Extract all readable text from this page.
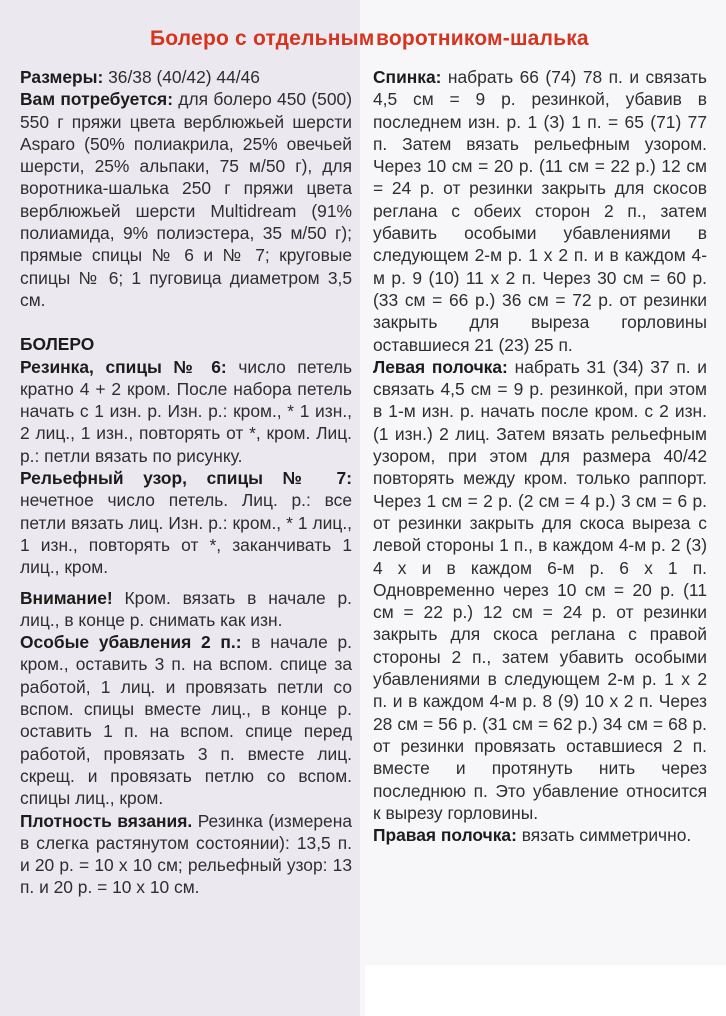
Болеро с отдельным воротником-шалька

Размеры: 36/38 (40/42) 44/46

Вам потребуется: для болеро 450 (500) 550 г пряжи цвета верблюжьей шерсти Asparo (50% полиакрила, 25% овечьей шерсти, 25% альпаки, 75 м/50 г), для воротника-шалька 250 г пряжи цвета верблюжьей шерсти Multidream (91% полиамида, 9% полиэстера, 35 м/50 г); прямые спицы № 6 и № 7; круговые спицы № 6; 1 пуговица диаметром 3,5 см.

БОЛЕРО

Резинка, спицы № 6: число петель кратно 4 + 2 кром. После набора петель начать с 1 изн. р. Изн. р.: кром., * 1 изн., 2 лиц., 1 изн., повторять от *, кром. Лиц. р.: петли вязать по рисунку.

Рельефный узор, спицы № 7: нечетное число петель. Лиц. р.: все петли вязать лиц. Изн. р.: кром., * 1 лиц., 1 изн., повторять от *, заканчивать 1 лиц., кром.

Внимание! Кром. вязать в начале р. лиц., в конце р. снимать как изн.

Особые убавления 2 п.: в начале р. кром., оставить 3 п. на вспом. спице за работой, 1 лиц. и провязать петли со вспом. спицы вместе лиц., в конце р. оставить 1 п. на вспом. спице перед работой, провязать 3 п. вместе лиц. скрещ. и провязать петлю со вспом. спицы лиц., кром.

Плотность вязания. Резинка (измерена в слегка растянутом состоянии): 13,5 п. и 20 р. = 10 х 10 см; рельефный узор: 13 п. и 20 р. = 10 х 10 см.

Спинка: набрать 66 (74) 78 п. и связать 4,5 см = 9 р. резинкой, убавив в последнем изн. р. 1 (3) 1 п. = 65 (71) 77 п. Затем вязать рельефным узором. Через 10 см = 20 р. (11 см = 22 р.) 12 см = 24 р. от резинки закрыть для скосов реглана с обеих сторон 2 п., затем убавить особыми убавлениями в следующем 2-м р. 1 х 2 п. и в каждом 4-м р. 9 (10) 11 х 2 п. Через 30 см = 60 р. (33 см = 66 р.) 36 см = 72 р. от резинки закрыть для выреза горловины оставшиеся 21 (23) 25 п.

Левая полочка: набрать 31 (34) 37 п. и связать 4,5 см = 9 р. резинкой, при этом в 1-м изн. р. начать после кром. с 2 изн. (1 изн.) 2 лиц. Затем вязать рельефным узором, при этом для размера 40/42 повторять между кром. только раппорт. Через 1 см = 2 р. (2 см = 4 р.) 3 см = 6 р. от резинки закрыть для скоса выреза с левой стороны 1 п., в каждом 4-м р. 2 (3) 4 х и в каждом 6-м р. 6 х 1 п. Одновременно через 10 см = 20 р. (11 см = 22 р.) 12 см = 24 р. от резинки закрыть для скоса реглана с правой стороны 2 п., затем убавить особыми убавлениями в следующем 2-м р. 1 х 2 п. и в каждом 4-м р. 8 (9) 10 х 2 п. Через 28 см = 56 р. (31 см = 62 р.) 34 см = 68 р. от резинки провязать оставшиеся 2 п. вместе и протянуть нить через последнюю п. Это убавление относится к вырезу горловины.

Правая полочка: вязать симметрично.
